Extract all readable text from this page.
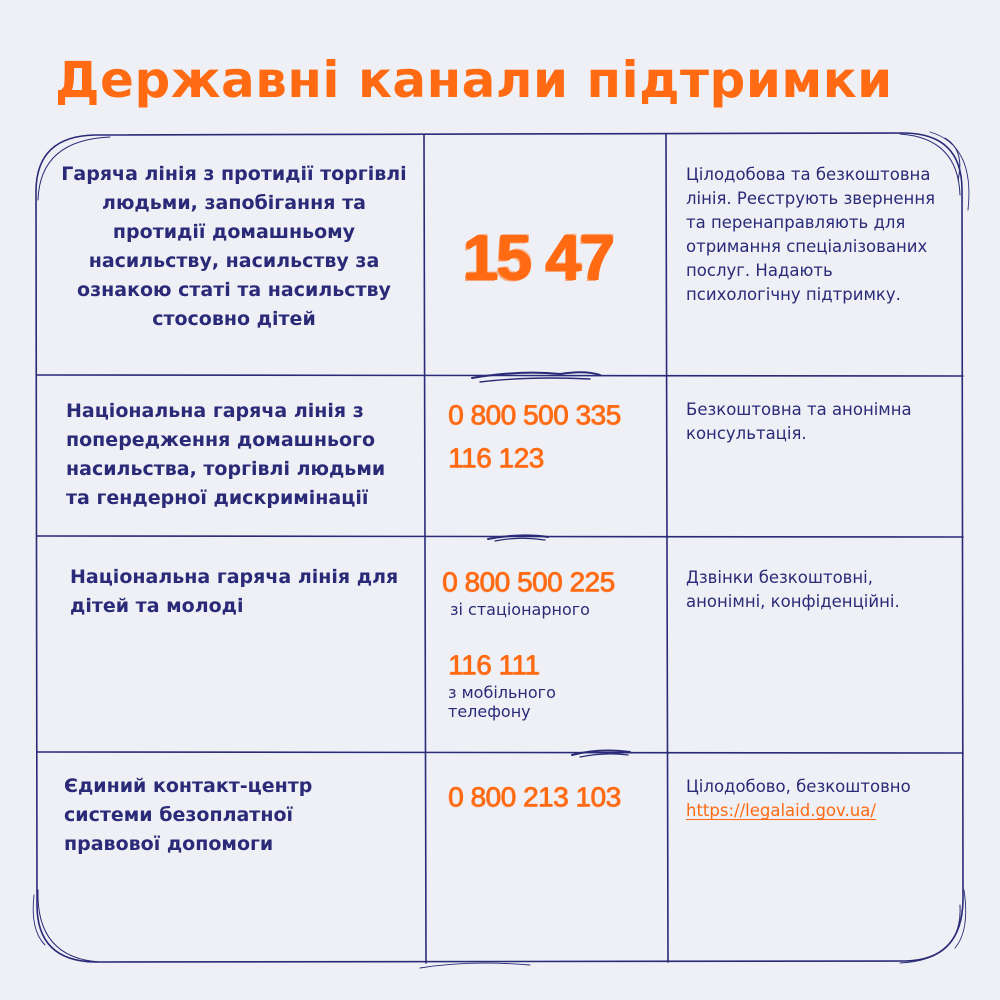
Державні канали підтримки
Гаряча лінія з протидії торгівлі людьми, запобігання та протидії домашньому насильству, насильству за ознакою статі та насильству стосовно дітей
15 47
Цілодобова та безкоштовна лінія. Реєструють звернення та перенаправляють для отримання спеціалізованих послуг. Надають психологічну підтримку.
Національна гаряча лінія з попередження домашнього насильства, торгівлі людьми та гендерної дискримінації
0 800 500 335
116 123
Безкоштовна та анонімна консультація.
Національна гаряча лінія для дітей та молоді
0 800 500 225
зі стаціонарного
116 111
з мобільного телефону
Дзвінки безкоштовні, анонімні, конфіденційні.
Єдиний контакт-центр системи безоплатної правової допомоги
0 800 213 103	Цілодобово, безкоштовно
https://legalaid.gov.ua/
